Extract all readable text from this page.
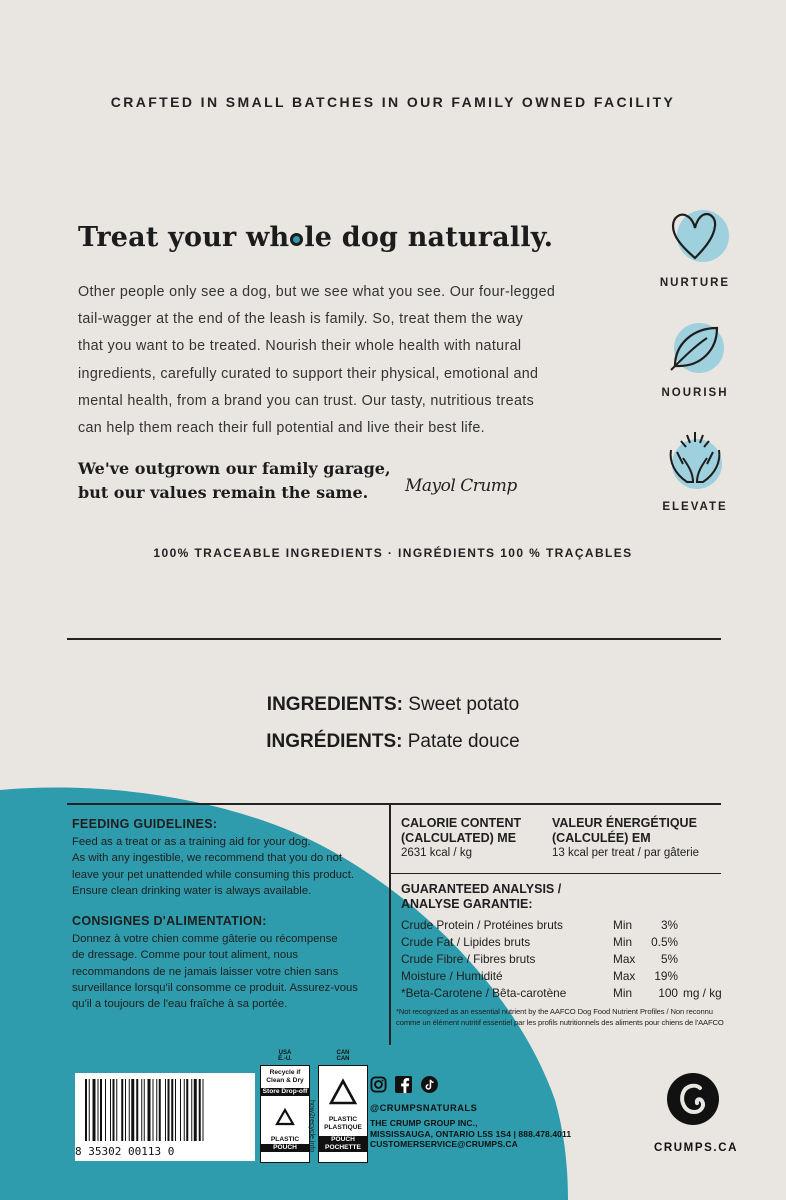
CRAFTED IN SMALL BATCHES IN OUR FAMILY OWNED FACILITY
Treat your wh le dog naturally.
Other people only see a dog, but we see what you see. Our four-legged
tail-wagger at the end of the leash is family. So, treat them the way
that you want to be treated. Nourish their whole health with natural
ingredients, carefully curated to support their physical, emotional and
mental health, from a brand you can trust. Our tasty, nutritious treats
can help them reach their full potential and live their best life.
We've outgrown our family garage,
but our values remain the same.	Mayol Crump
NURTURE
NOURISH
ELEVATE
100% TRACEABLE INGREDIENTS · INGRÉDIENTS 100 % TRAÇABLES
INGREDIENTS: Sweet potato
INGRÉDIENTS: Patate douce
FEEDING GUIDELINES:

Feed as a treat or as a training aid for your dog.
As with any ingestible, we recommend that you do not
leave your pet unattended while consuming this product.
Ensure clean drinking water is always available.

CONSIGNES D'ALIMENTATION:

Donnez à votre chien comme gâterie ou récompense
de dressage. Comme pour tout aliment, nous
recommandons de ne jamais laisser votre chien sans
surveillance lorsqu'il consomme ce produit. Assurez-vous
qu'il a toujours de l'eau fraîche à sa portée.

CALORIE CONTENT
(CALCULATED) ME
2631 kcal / kg
VALEUR ÉNERGÉTIQUE
(CALCULÉE) EM
13 kcal per treat / par gâterie
GUARANTEED ANALYSIS /
ANALYSE GARANTIE:
Crude Protein / Protéines bruts	Min	3%
Crude Fat / Lipides bruts	Min 0.5%
Crude Fibre / Fibres bruts	Max	5%
Moisture / Humidité	Max 19%
*Beta-Carotene / Bêta-carotène	Min	100 mg / kg
*Not recognized as an essential nutrient by the AAFCO Dog Food Nutrient Profiles / Non reconnu
comme un élément nutritif essentiel par les profils nutritionnels des aliments pour chiens de l'AAFCO
8 35302 00113 0
USA
É.-U.
Recycle if Clean & Dry
Store Drop-off
PLASTIC
POUCH	how2recycle.info
CAN
CAN
PLASTIC
PLASTIQUE
POUCH
POCHETTE

@CRUMPSNATURALS
THE CRUMP GROUP INC.,
MISSISSAUGA, ONTARIO L5S 1S4 | 888.478.4011
CUSTOMERSERVICE@CRUMPS.CA	CRUMPS.CA
